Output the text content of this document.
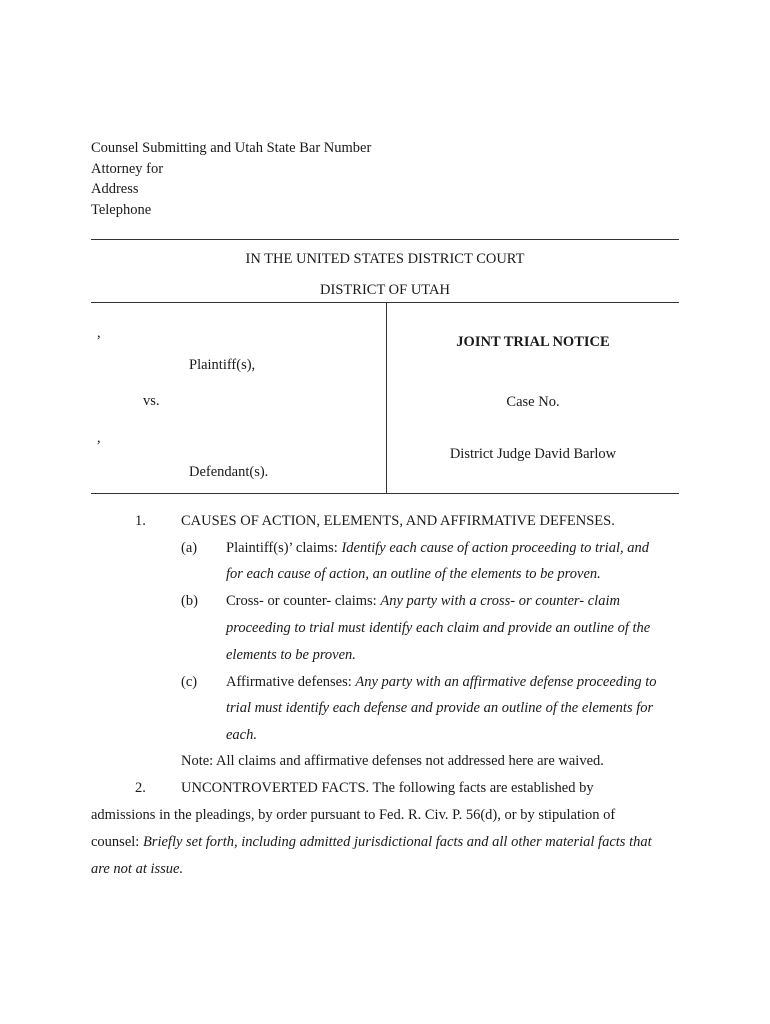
Counsel Submitting and Utah State Bar Number
Attorney for
Address
Telephone
IN THE UNITED STATES DISTRICT COURT
DISTRICT OF UTAH
,
Plaintiff(s),
vs.
,
Defendant(s).
JOINT TRIAL NOTICE
Case No.
District Judge David Barlow
1. CAUSES OF ACTION, ELEMENTS, AND AFFIRMATIVE DEFENSES.
(a) Plaintiff(s)’ claims: Identify each cause of action proceeding to trial, and
for each cause of action, an outline of the elements to be proven.
(b) Cross- or counter- claims: Any party with a cross- or counter- claim
proceeding to trial must identify each claim and provide an outline of the
elements to be proven.
(c) Affirmative defenses: Any party with an affirmative defense proceeding to
trial must identify each defense and provide an outline of the elements for
each.
Note: All claims and affirmative defenses not addressed here are waived.
2. UNCONTROVERTED FACTS. The following facts are established by
admissions in the pleadings, by order pursuant to Fed. R. Civ. P. 56(d), or by stipulation of
counsel: Briefly set forth, including admitted jurisdictional facts and all other material facts that
are not at issue.
